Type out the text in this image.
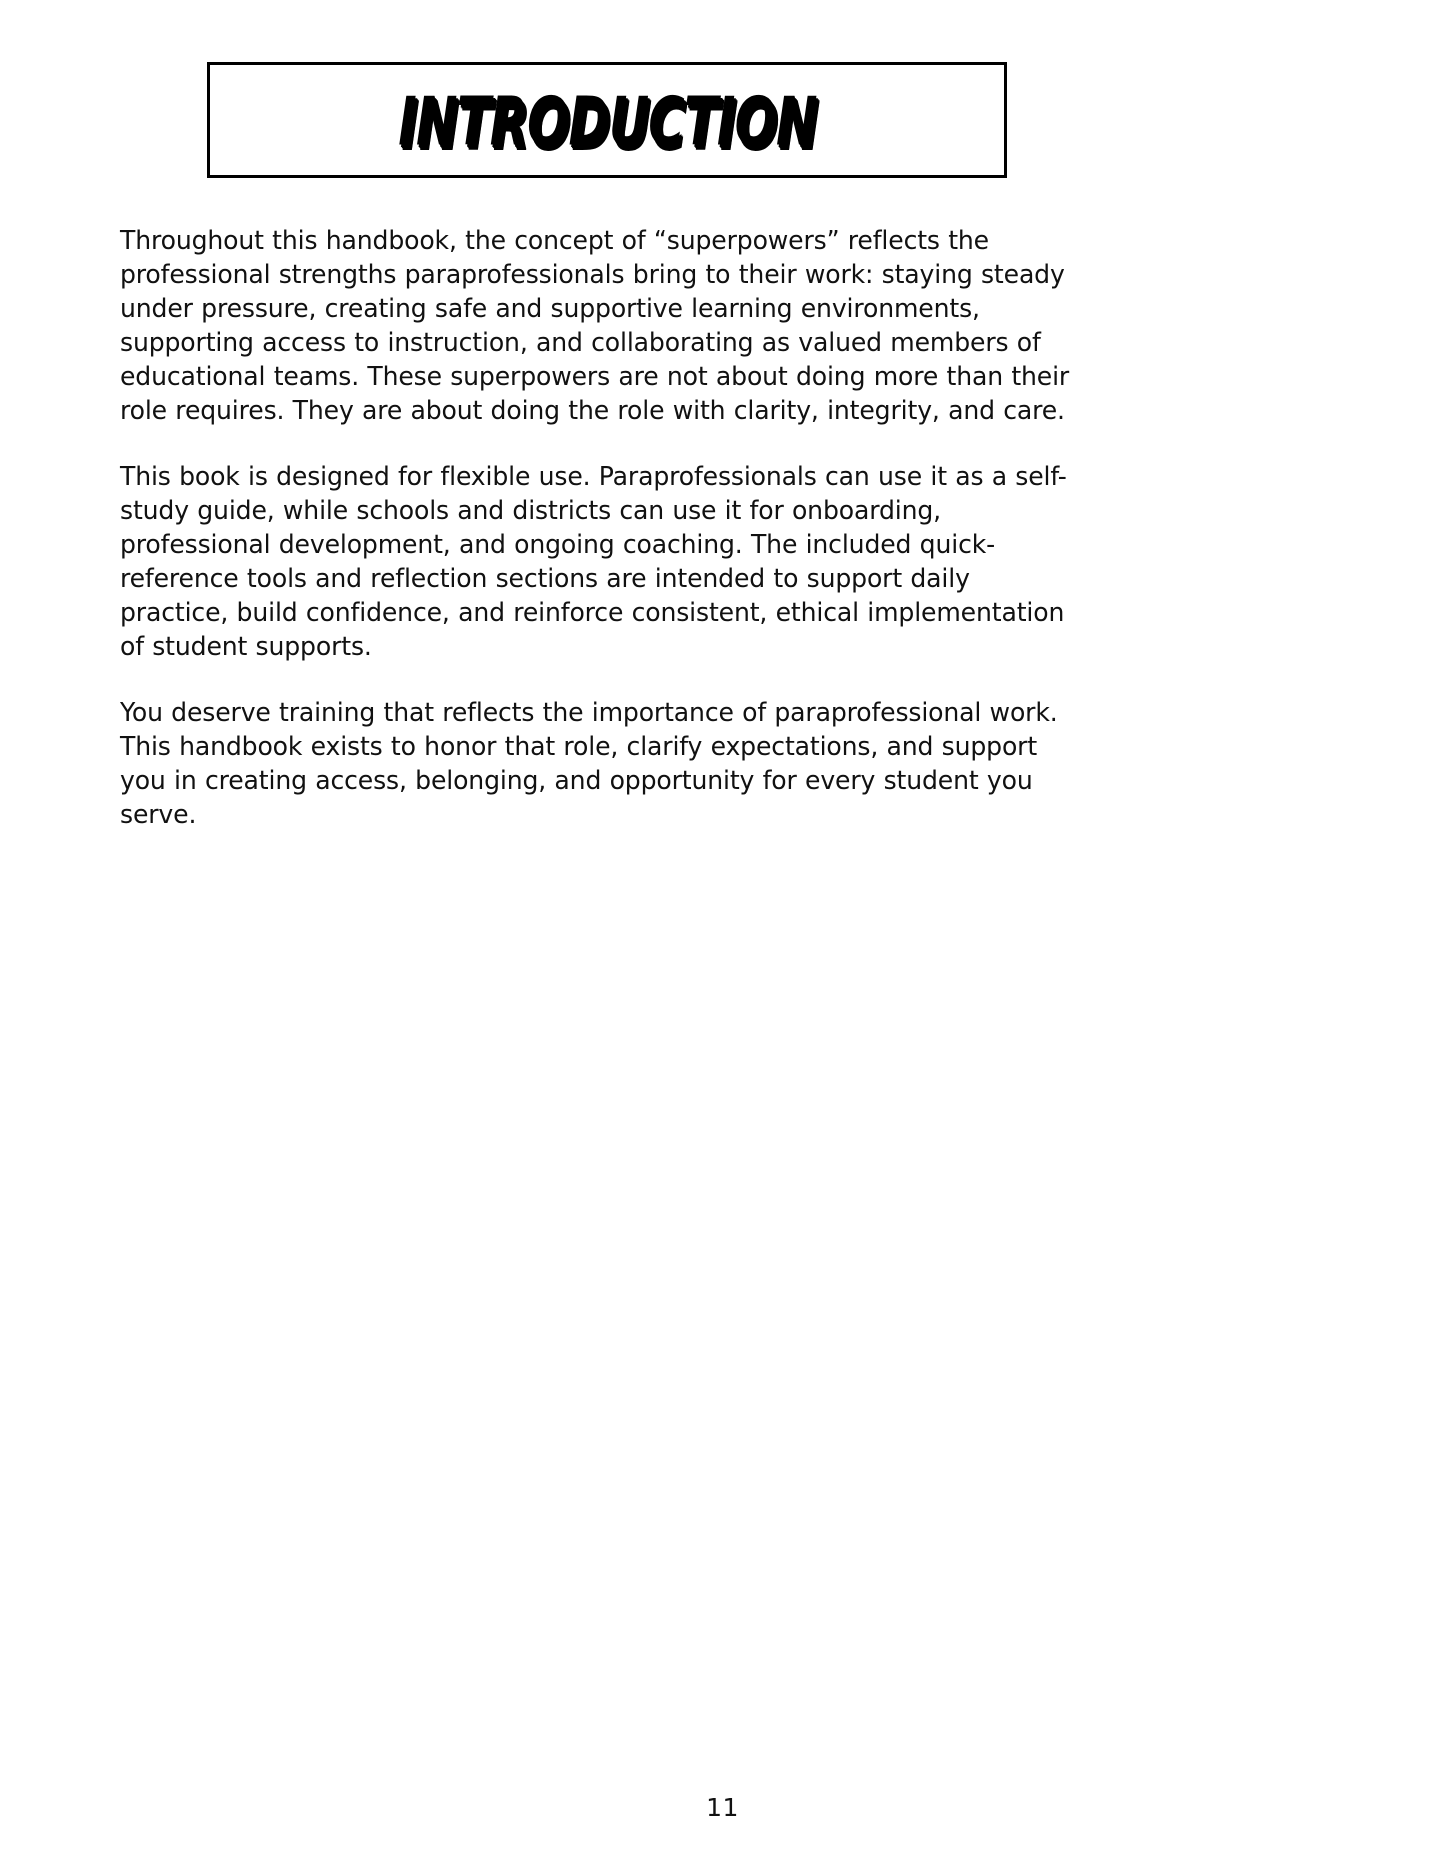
INTRODUCTION

Throughout this handbook, the concept of “superpowers” reflects the professional strengths paraprofessionals bring to their work: staying steady under pressure, creating safe and supportive learning environments, supporting access to instruction, and collaborating as valued members of educational teams. These superpowers are not about doing more than their role requires. They are about doing the role with clarity, integrity, and care.

This book is designed for flexible use. Paraprofessionals can use it as a self-study guide, while schools and districts can use it for onboarding, professional development, and ongoing coaching. The included quick-reference tools and reflection sections are intended to support daily practice, build confidence, and reinforce consistent, ethical implementation of student supports.

You deserve training that reflects the importance of paraprofessional work. This handbook exists to honor that role, clarify expectations, and support you in creating access, belonging, and opportunity for every student you serve.

11
